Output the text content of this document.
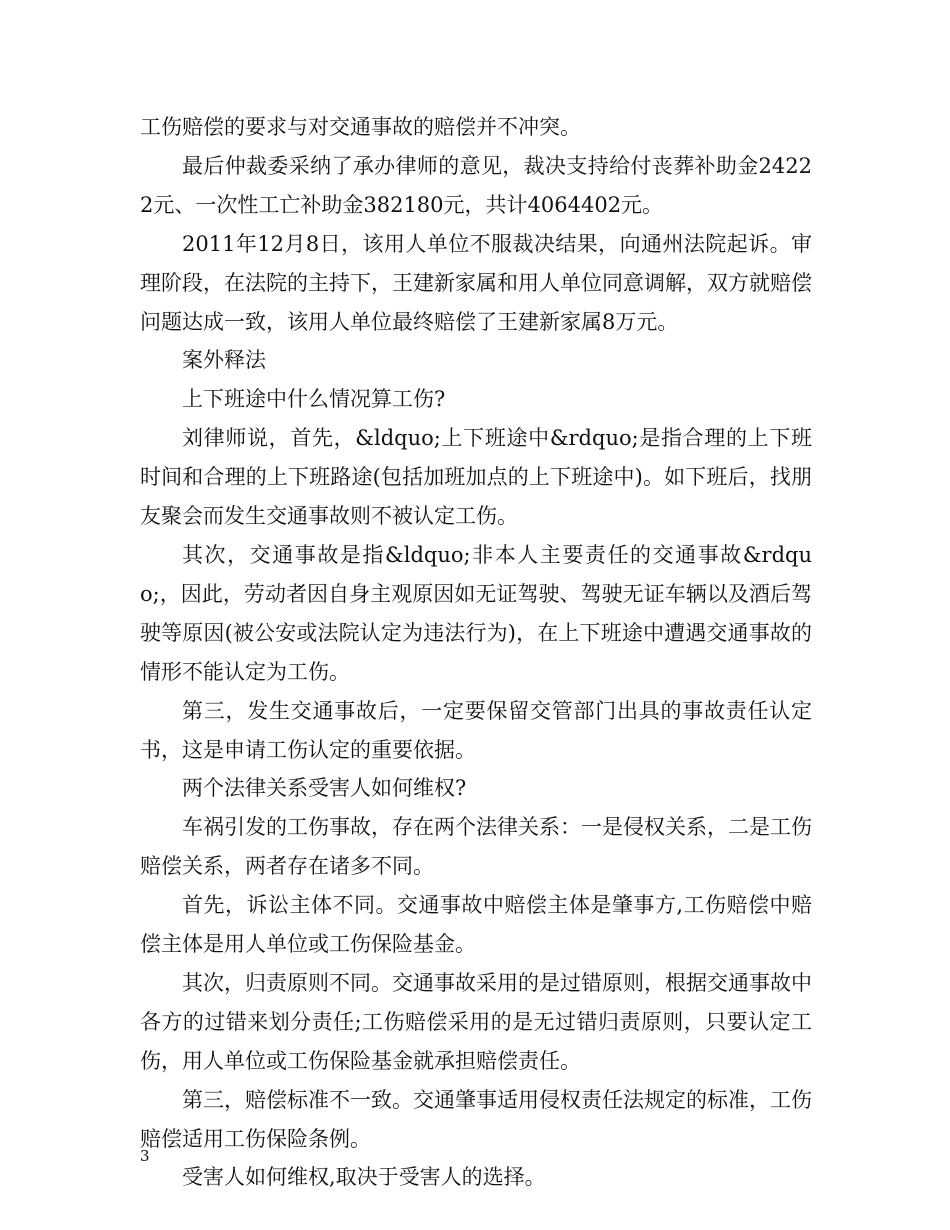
工伤赔偿的要求与对交通事故的赔偿并不冲突。

最后仲裁委采纳了承办律师的意见，裁决支持给付丧葬补助金24222元、一次性工亡补助金382180元，共计4064402元。

2011年12月8日，该用人单位不服裁决结果，向通州法院起诉。审理阶段，在法院的主持下，王建新家属和用人单位同意调解，双方就赔偿问题达成一致，该用人单位最终赔偿了王建新家属8万元。

案外释法

上下班途中什么情况算工伤?

刘律师说，首先，&ldquo;上下班途中&rdquo;是指合理的上下班时间和合理的上下班路途(包括加班加点的上下班途中)。如下班后，找朋友聚会而发生交通事故则不被认定工伤。

其次，交通事故是指&ldquo;非本人主要责任的交通事故&rdquo;，因此，劳动者因自身主观原因如无证驾驶、驾驶无证车辆以及酒后驾驶等原因(被公安或法院认定为违法行为)，在上下班途中遭遇交通事故的情形不能认定为工伤。

第三，发生交通事故后，一定要保留交管部门出具的事故责任认定书，这是申请工伤认定的重要依据。

两个法律关系受害人如何维权?

车祸引发的工伤事故，存在两个法律关系：一是侵权关系，二是工伤赔偿关系，两者存在诸多不同。

首先，诉讼主体不同。交通事故中赔偿主体是肇事方,工伤赔偿中赔偿主体是用人单位或工伤保险基金。

其次，归责原则不同。交通事故采用的是过错原则，根据交通事故中各方的过错来划分责任;工伤赔偿采用的是无过错归责原则，只要认定工伤，用人单位或工伤保险基金就承担赔偿责任。

第三，赔偿标准不一致。交通肇事适用侵权责任法规定的标准，工伤赔偿适用工伤保险条例。

受害人如何维权,取决于受害人的选择。

3
